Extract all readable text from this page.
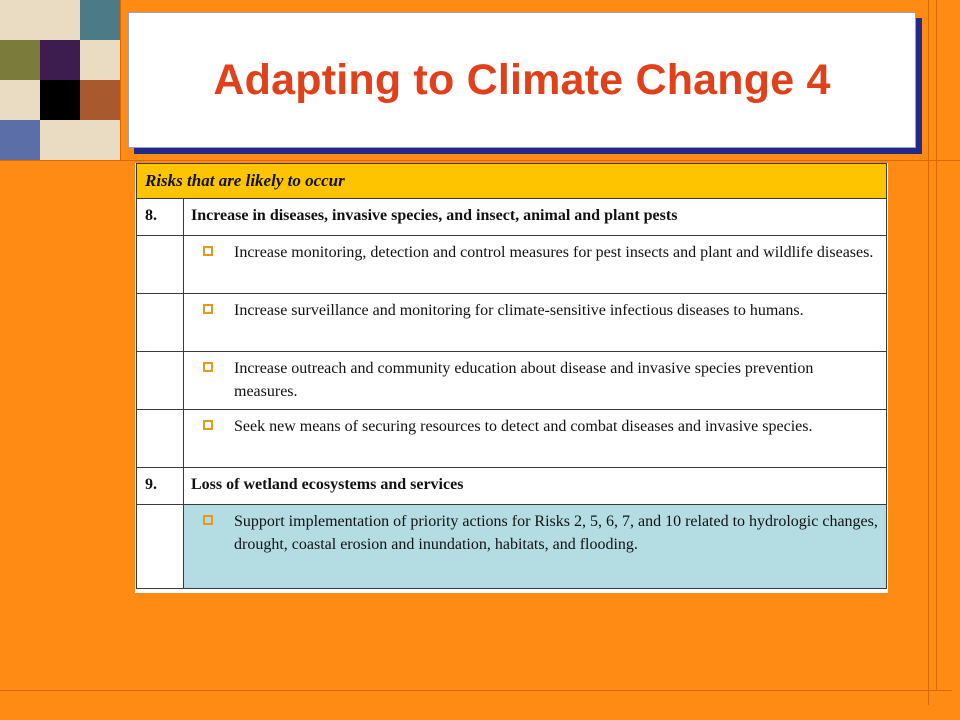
Adapting to Climate Change 4
Risks that are likely to occur	
8.	Increase in diseases, invasive species, and insect, animal and plant pests

	Increase monitoring, detection and control measures for pest insects and plant and wildlife diseases.

	Increase surveillance and monitoring for climate-sensitive infectious diseases to humans.

	Increase outreach and community education about disease and invasive species prevention measures.

	Seek new means of securing resources to detect and combat diseases and invasive species.

9.	Loss of wetland ecosystems and services

	Support implementation of priority actions for Risks 2, 5, 6, 7, and 10 related to hydrologic changes, drought, coastal erosion and inundation, habitats, and flooding.
